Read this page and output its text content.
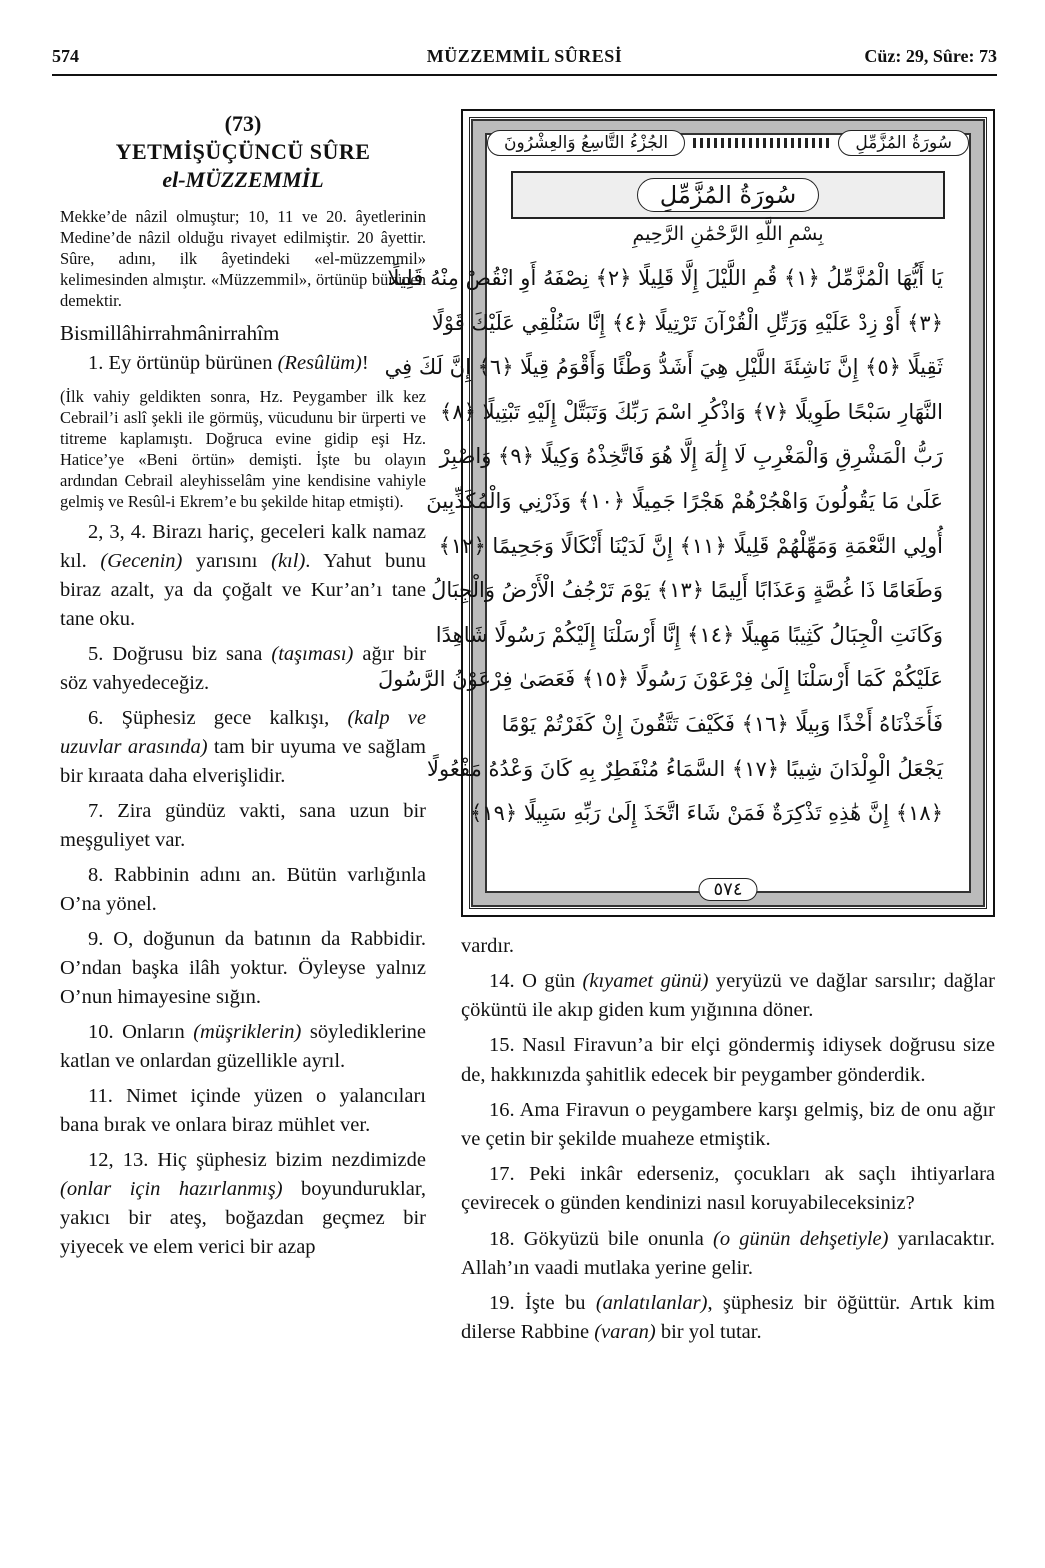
574	MÜZZEMMİL SÛRESİ	Cüz: 29, Sûre: 73
(73)
YETMİŞÜÇÜNCÜ SÛRE
el-MÜZZEMMİL
Mekke’de nâzil olmuştur; 10, 11 ve 20. âyetlerinin Medine’de nâzil olduğu rivayet edilmiştir. 20 âyettir. Sûre, adını, ilk âyetindeki «el-müzzemmil» kelimesinden almıştır. «Müzzemmil», örtünüp bürünen demektir.
Bismillâhirrahmânirrahîm

1. Ey örtünüp bürünen (Resûlüm)!

(İlk vahiy geldikten sonra, Hz. Peygamber ilk kez Cebrail’i aslî şekli ile görmüş, vücudunu bir ürperti ve titreme kaplamıştı. Doğruca evine gidip eşi Hz. Hatice’ye «Beni örtün» demişti. İşte bu olayın ardından Cebrail aleyhisselâm yine kendisine vahiyle gelmiş ve Resûl-i Ekrem’e bu şekilde hitap etmişti).

2, 3, 4. Birazı hariç, geceleri kalk namaz kıl. (Gecenin) yarısını (kıl). Yahut bunu biraz azalt, ya da çoğalt ve Kur’an’ı tane tane oku.

5. Doğrusu biz sana (taşıması) ağır bir söz vahyedeceğiz.

6. Şüphesiz gece kalkışı, (kalp ve uzuvlar arasında) tam bir uyuma ve sağlam bir kıraata daha elverişlidir.

7. Zira gündüz vakti, sana uzun bir meşguliyet var.

8. Rabbinin adını an. Bütün varlığınla O’na yönel.

9. O, doğunun da batının da Rabbidir. O’ndan başka ilâh yoktur. Öyleyse yalnız O’nun himayesine sığın.

10. Onların (müşriklerin) söylediklerine katlan ve onlardan güzellikle ayrıl.

11. Nimet içinde yüzen o yalancıları bana bırak ve onlara biraz mühlet ver.

12, 13. Hiç şüphesiz bizim nezdimizde (onlar için hazırlanmış) boyunduruklar, yakıcı bir ateş, boğazdan geçmez bir yiyecek ve elem verici bir azap

سُورَةُ المُزَّمِّلِ
الجُزْءُ التَّاسِعُ وَالعِشْرُونَ
سُورَةُ المُزَّمِّلِ
بِسْمِ اللَّهِ الرَّحْمَٰنِ الرَّحِيمِ
يَا أَيُّهَا الْمُزَّمِّلُ ﴿١﴾ قُمِ اللَّيْلَ إِلَّا قَلِيلًا ﴿٢﴾ نِصْفَهُ أَوِ انْقُصْ مِنْهُ قَلِيلًا
﴿٣﴾ أَوْ زِدْ عَلَيْهِ وَرَتِّلِ الْقُرْآنَ تَرْتِيلًا ﴿٤﴾ إِنَّا سَنُلْقِي عَلَيْكَ قَوْلًا
ثَقِيلًا ﴿٥﴾ إِنَّ نَاشِئَةَ اللَّيْلِ هِيَ أَشَدُّ وَطْئًا وَأَقْوَمُ قِيلًا ﴿٦﴾ إِنَّ لَكَ فِي
النَّهَارِ سَبْحًا طَوِيلًا ﴿٧﴾ وَاذْكُرِ اسْمَ رَبِّكَ وَتَبَتَّلْ إِلَيْهِ تَبْتِيلًا ﴿٨﴾
رَبُّ الْمَشْرِقِ وَالْمَغْرِبِ لَا إِلَٰهَ إِلَّا هُوَ فَاتَّخِذْهُ وَكِيلًا ﴿٩﴾ وَاصْبِرْ
عَلَىٰ مَا يَقُولُونَ وَاهْجُرْهُمْ هَجْرًا جَمِيلًا ﴿١٠﴾ وَذَرْنِي وَالْمُكَذِّبِينَ
أُولِي النَّعْمَةِ وَمَهِّلْهُمْ قَلِيلًا ﴿١١﴾ إِنَّ لَدَيْنَا أَنْكَالًا وَجَحِيمًا ﴿١٢﴾
وَطَعَامًا ذَا غُصَّةٍ وَعَذَابًا أَلِيمًا ﴿١٣﴾ يَوْمَ تَرْجُفُ الْأَرْضُ وَالْجِبَالُ
وَكَانَتِ الْجِبَالُ كَثِيبًا مَهِيلًا ﴿١٤﴾ إِنَّا أَرْسَلْنَا إِلَيْكُمْ رَسُولًا شَاهِدًا
عَلَيْكُمْ كَمَا أَرْسَلْنَا إِلَىٰ فِرْعَوْنَ رَسُولًا ﴿١٥﴾ فَعَصَىٰ فِرْعَوْنُ الرَّسُولَ
فَأَخَذْنَاهُ أَخْذًا وَبِيلًا ﴿١٦﴾ فَكَيْفَ تَتَّقُونَ إِنْ كَفَرْتُمْ يَوْمًا
يَجْعَلُ الْوِلْدَانَ شِيبًا ﴿١٧﴾ السَّمَاءُ مُنْفَطِرٌ بِهِ كَانَ وَعْدُهُ مَفْعُولًا
﴿١٨﴾ إِنَّ هَٰذِهِ تَذْكِرَةٌ فَمَنْ شَاءَ اتَّخَذَ إِلَىٰ رَبِّهِ سَبِيلًا ﴿١٩﴾
٥٧٤

vardır.

14. O gün (kıyamet günü) yeryüzü ve dağlar sarsılır; dağlar çöküntü ile akıp giden kum yığınına döner.

15. Nasıl Firavun’a bir elçi göndermiş idiysek doğrusu size de, hakkınızda şahitlik edecek bir peygamber gönderdik.

16. Ama Firavun o peygambere karşı gelmiş, biz de onu ağır ve çetin bir şekilde muaheze etmiştik.

17. Peki inkâr ederseniz, çocukları ak saçlı ihtiyarlara çevirecek o günden kendinizi nasıl koruyabileceksiniz?

18. Gökyüzü bile onunla (o günün dehşetiyle) yarılacaktır. Allah’ın vaadi mutlaka yerine gelir.

19. İşte bu (anlatılanlar), şüphesiz bir öğüttür. Artık kim dilerse Rabbine (varan) bir yol tutar.
